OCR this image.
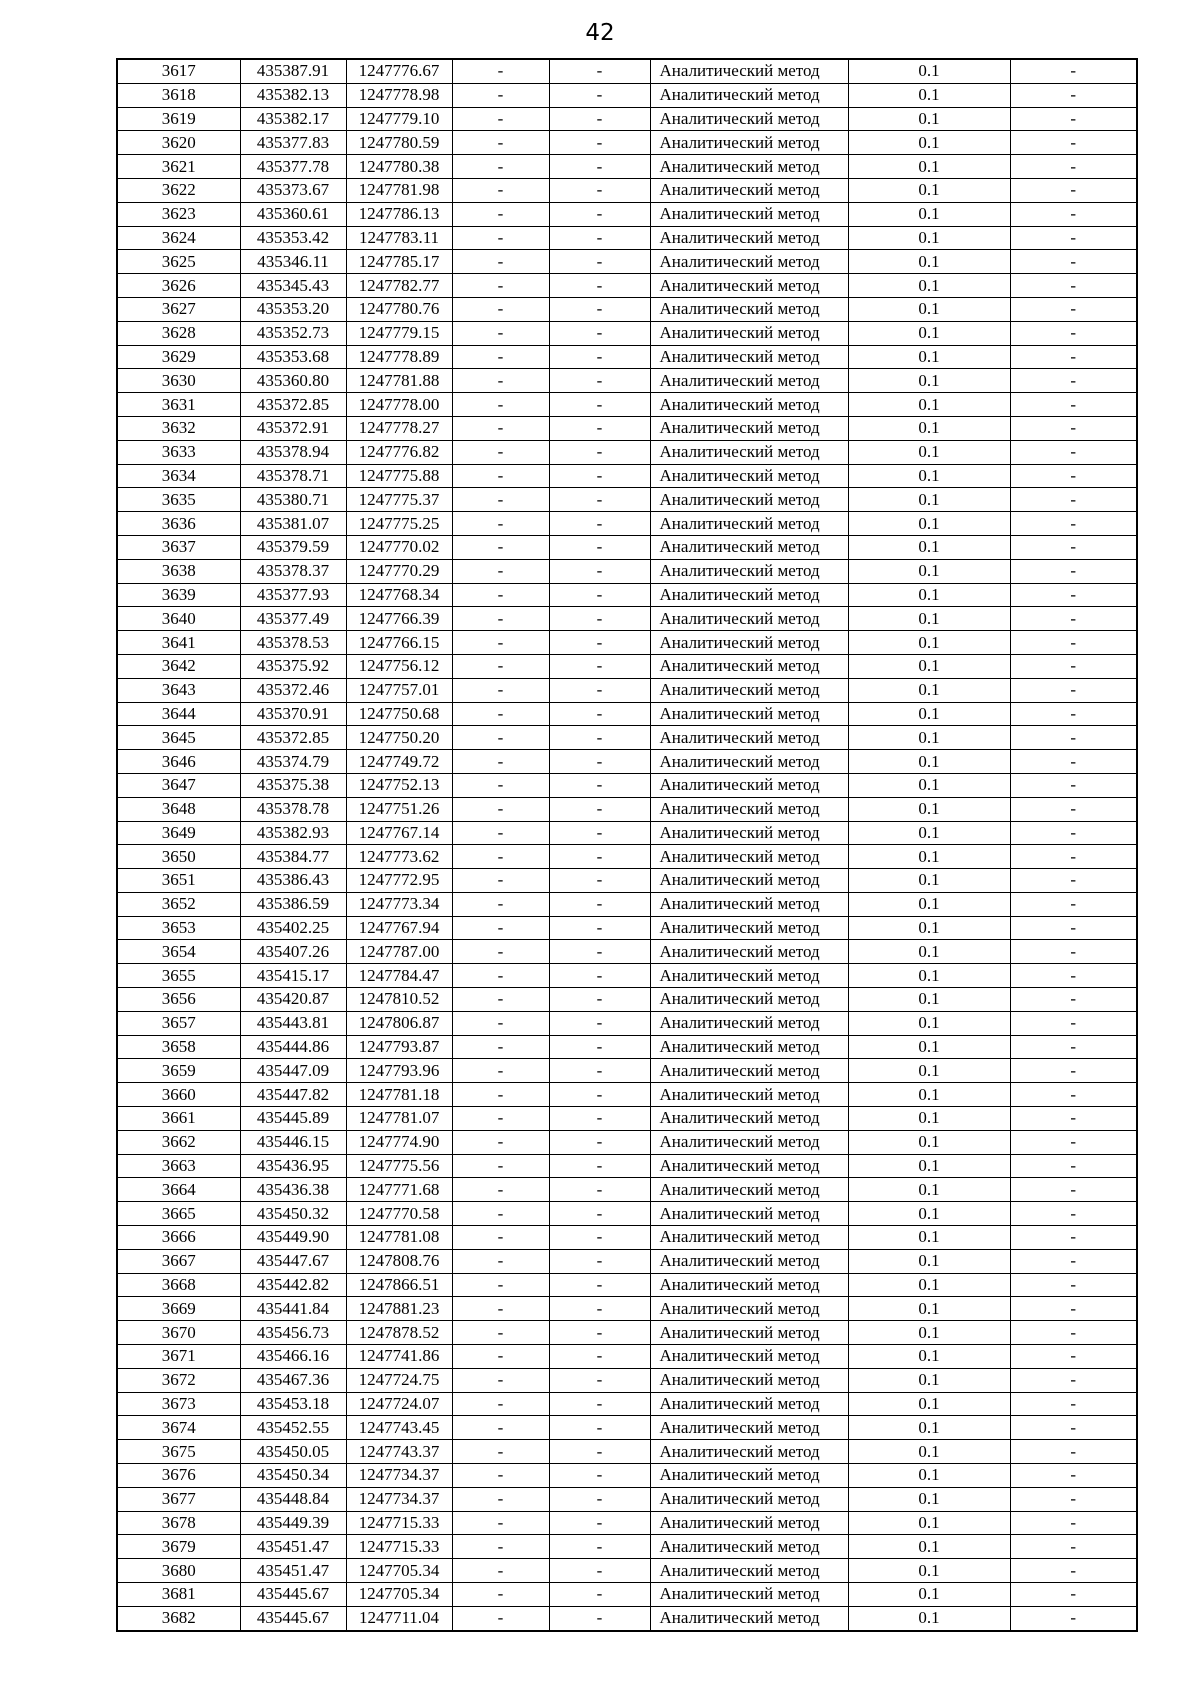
42
3617	435387.91	1247776.67	-	-	Аналитический метод	0.1	-
3618	435382.13	1247778.98	-	-	Аналитический метод	0.1	-
3619	435382.17	1247779.10	-	-	Аналитический метод	0.1	-
3620	435377.83	1247780.59	-	-	Аналитический метод	0.1	-
3621	435377.78	1247780.38	-	-	Аналитический метод	0.1	-
3622	435373.67	1247781.98	-	-	Аналитический метод	0.1	-
3623	435360.61	1247786.13	-	-	Аналитический метод	0.1	-
3624	435353.42	1247783.11	-	-	Аналитический метод	0.1	-
3625	435346.11	1247785.17	-	-	Аналитический метод	0.1	-
3626	435345.43	1247782.77	-	-	Аналитический метод	0.1	-
3627	435353.20	1247780.76	-	-	Аналитический метод	0.1	-
3628	435352.73	1247779.15	-	-	Аналитический метод	0.1	-
3629	435353.68	1247778.89	-	-	Аналитический метод	0.1	-
3630	435360.80	1247781.88	-	-	Аналитический метод	0.1	-
3631	435372.85	1247778.00	-	-	Аналитический метод	0.1	-
3632	435372.91	1247778.27	-	-	Аналитический метод	0.1	-
3633	435378.94	1247776.82	-	-	Аналитический метод	0.1	-
3634	435378.71	1247775.88	-	-	Аналитический метод	0.1	-
3635	435380.71	1247775.37	-	-	Аналитический метод	0.1	-
3636	435381.07	1247775.25	-	-	Аналитический метод	0.1	-
3637	435379.59	1247770.02	-	-	Аналитический метод	0.1	-
3638	435378.37	1247770.29	-	-	Аналитический метод	0.1	-
3639	435377.93	1247768.34	-	-	Аналитический метод	0.1	-
3640	435377.49	1247766.39	-	-	Аналитический метод	0.1	-
3641	435378.53	1247766.15	-	-	Аналитический метод	0.1	-
3642	435375.92	1247756.12	-	-	Аналитический метод	0.1	-
3643	435372.46	1247757.01	-	-	Аналитический метод	0.1	-
3644	435370.91	1247750.68	-	-	Аналитический метод	0.1	-
3645	435372.85	1247750.20	-	-	Аналитический метод	0.1	-
3646	435374.79	1247749.72	-	-	Аналитический метод	0.1	-
3647	435375.38	1247752.13	-	-	Аналитический метод	0.1	-
3648	435378.78	1247751.26	-	-	Аналитический метод	0.1	-
3649	435382.93	1247767.14	-	-	Аналитический метод	0.1	-
3650	435384.77	1247773.62	-	-	Аналитический метод	0.1	-
3651	435386.43	1247772.95	-	-	Аналитический метод	0.1	-
3652	435386.59	1247773.34	-	-	Аналитический метод	0.1	-
3653	435402.25	1247767.94	-	-	Аналитический метод	0.1	-
3654	435407.26	1247787.00	-	-	Аналитический метод	0.1	-
3655	435415.17	1247784.47	-	-	Аналитический метод	0.1	-
3656	435420.87	1247810.52	-	-	Аналитический метод	0.1	-
3657	435443.81	1247806.87	-	-	Аналитический метод	0.1	-
3658	435444.86	1247793.87	-	-	Аналитический метод	0.1	-
3659	435447.09	1247793.96	-	-	Аналитический метод	0.1	-
3660	435447.82	1247781.18	-	-	Аналитический метод	0.1	-
3661	435445.89	1247781.07	-	-	Аналитический метод	0.1	-
3662	435446.15	1247774.90	-	-	Аналитический метод	0.1	-
3663	435436.95	1247775.56	-	-	Аналитический метод	0.1	-
3664	435436.38	1247771.68	-	-	Аналитический метод	0.1	-
3665	435450.32	1247770.58	-	-	Аналитический метод	0.1	-
3666	435449.90	1247781.08	-	-	Аналитический метод	0.1	-
3667	435447.67	1247808.76	-	-	Аналитический метод	0.1	-
3668	435442.82	1247866.51	-	-	Аналитический метод	0.1	-
3669	435441.84	1247881.23	-	-	Аналитический метод	0.1	-
3670	435456.73	1247878.52	-	-	Аналитический метод	0.1	-
3671	435466.16	1247741.86	-	-	Аналитический метод	0.1	-
3672	435467.36	1247724.75	-	-	Аналитический метод	0.1	-
3673	435453.18	1247724.07	-	-	Аналитический метод	0.1	-
3674	435452.55	1247743.45	-	-	Аналитический метод	0.1	-
3675	435450.05	1247743.37	-	-	Аналитический метод	0.1	-
3676	435450.34	1247734.37	-	-	Аналитический метод	0.1	-
3677	435448.84	1247734.37	-	-	Аналитический метод	0.1	-
3678	435449.39	1247715.33	-	-	Аналитический метод	0.1	-
3679	435451.47	1247715.33	-	-	Аналитический метод	0.1	-
3680	435451.47	1247705.34	-	-	Аналитический метод	0.1	-
3681	435445.67	1247705.34	-	-	Аналитический метод	0.1	-
3682	435445.67	1247711.04	-	-	Аналитический метод	0.1	-
